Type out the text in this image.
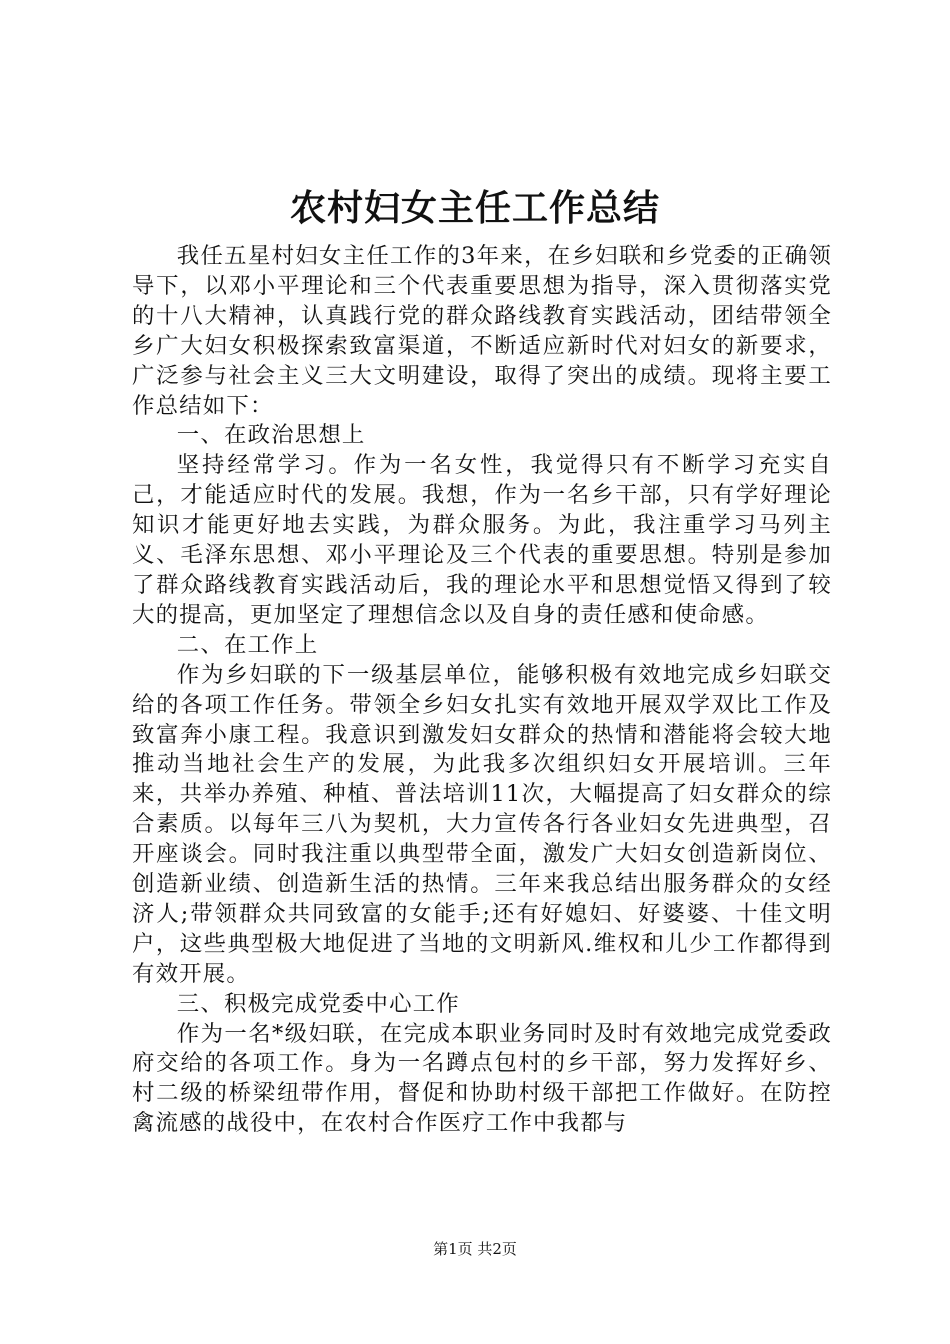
农村妇女主任工作总结

我任五星村妇女主任工作的3年来，在乡妇联和乡党委的正确领导下，以邓小平理论和三个代表重要思想为指导，深入贯彻落实党的十八大精神，认真践行党的群众路线教育实践活动，团结带领全乡广大妇女积极探索致富渠道，不断适应新时代对妇女的新要求，广泛参与社会主义三大文明建设，取得了突出的成绩。现将主要工作总结如下：

一、在政治思想上

坚持经常学习。作为一名女性，我觉得只有不断学习充实自己，才能适应时代的发展。我想，作为一名乡干部，只有学好理论知识才能更好地去实践，为群众服务。为此，我注重学习马列主义、毛泽东思想、邓小平理论及三个代表的重要思想。特别是参加了群众路线教育实践活动后，我的理论水平和思想觉悟又得到了较大的提高，更加坚定了理想信念以及自身的责任感和使命感。

二、在工作上

作为乡妇联的下一级基层单位，能够积极有效地完成乡妇联交给的各项工作任务。带领全乡妇女扎实有效地开展双学双比工作及致富奔小康工程。我意识到激发妇女群众的热情和潜能将会较大地推动当地社会生产的发展，为此我多次组织妇女开展培训。三年来，共举办养殖、种植、普法培训11次，大幅提高了妇女群众的综合素质。以每年三八为契机，大力宣传各行各业妇女先进典型，召开座谈会。同时我注重以典型带全面，激发广大妇女创造新岗位、创造新业绩、创造新生活的热情。三年来我总结出服务群众的女经济人;带领群众共同致富的女能手;还有好媳妇、好婆婆、十佳文明户，这些典型极大地促进了当地的文明新风.维权和儿少工作都得到有效开展。

三、积极完成党委中心工作

作为一名*级妇联，在完成本职业务同时及时有效地完成党委政府交给的各项工作。身为一名蹲点包村的乡干部，努力发挥好乡、村二级的桥梁纽带作用，督促和协助村级干部把工作做好。在防控禽流感的战役中，在农村合作医疗工作中我都与

第1页 共2页
